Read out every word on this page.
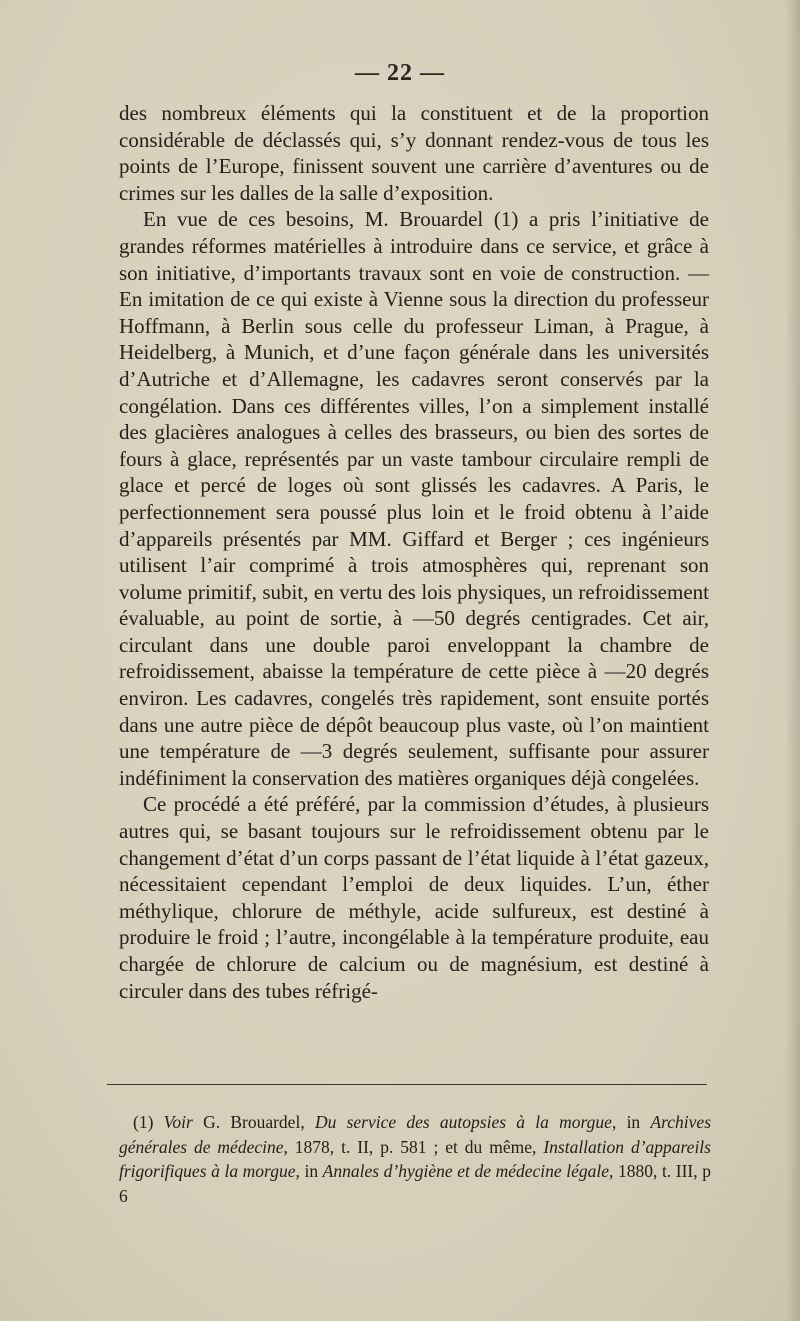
— 22 —

des nombreux éléments qui la constituent et de la proportion considérable de déclassés qui, s’y donnant rendez-vous de tous les points de l’Europe, finissent souvent une carrière d’aventures ou de crimes sur les dalles de la salle d’exposition.

En vue de ces besoins, M. Brouardel (1) a pris l’initiative de grandes réformes matérielles à introduire dans ce service, et grâce à son initiative, d’importants travaux sont en voie de construction. — En imitation de ce qui existe à Vienne sous la direction du professeur Hoffmann, à Berlin sous celle du professeur Liman, à Prague, à Heidelberg, à Munich, et d’une façon générale dans les universités d’Autriche et d’Allemagne, les cadavres seront conservés par la congélation. Dans ces différentes villes, l’on a simplement installé des glacières analogues à celles des brasseurs, ou bien des sortes de fours à glace, représentés par un vaste tambour circulaire rempli de glace et percé de loges où sont glissés les cadavres. A Paris, le perfectionnement sera poussé plus loin et le froid obtenu à l’aide d’appareils présentés par MM. Giffard et Berger ; ces ingénieurs utilisent l’air comprimé à trois atmosphères qui, reprenant son volume primitif, subit, en vertu des lois physiques, un refroidissement évaluable, au point de sortie, à —50 degrés centigrades. Cet air, circulant dans une double paroi enveloppant la chambre de refroidissement, abaisse la température de cette pièce à —20 degrés environ. Les cadavres, congelés très rapidement, sont ensuite portés dans une autre pièce de dépôt beaucoup plus vaste, où l’on maintient une température de —3 degrés seulement, suffisante pour assurer indéfiniment la conservation des matières organiques déjà congelées.

Ce procédé a été préféré, par la commission d’études, à plusieurs autres qui, se basant toujours sur le refroidissement obtenu par le changement d’état d’un corps passant de l’état liquide à l’état gazeux, nécessitaient cependant l’emploi de deux liquides. L’un, éther méthylique, chlorure de méthyle, acide sulfureux, est destiné à produire le froid ; l’autre, incongélable à la température produite, eau chargée de chlorure de calcium ou de magnésium, est destiné à circuler dans des tubes réfrigé-

(1) Voir G. Brouardel, Du service des autopsies à la morgue, in Archives générales de médecine, 1878, t. II, p. 581 ; et du même, Installation d’appareils frigorifiques à la morgue, in Annales d’hygiène et de médecine légale, 1880, t. III, p 6
